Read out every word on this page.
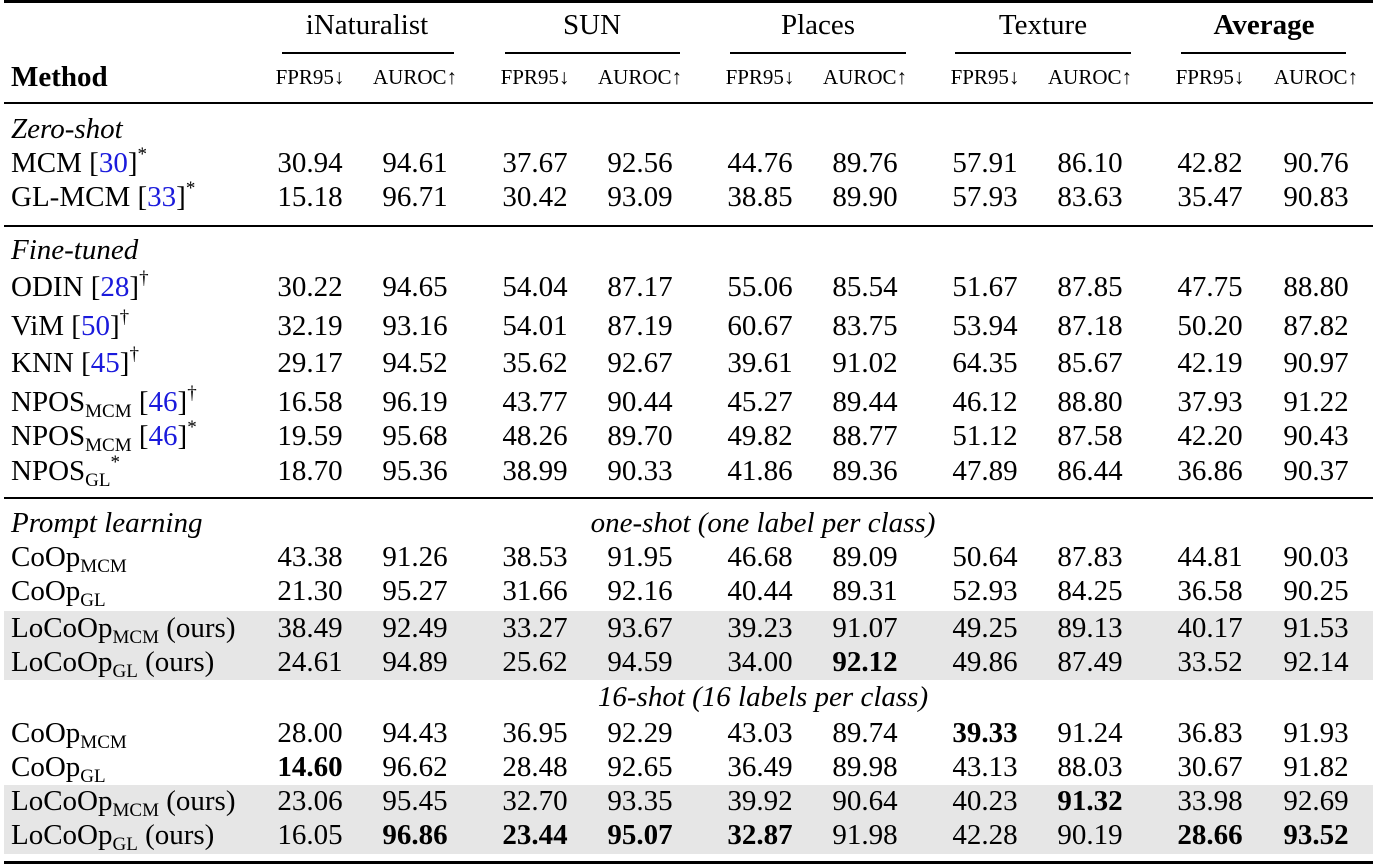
iNaturalist	SUN	Places	Texture	Average
FPR95↓ AUROC↑ FPR95↓ AUROC↑ FPR95↓ AUROC↑ FPR95↓ AUROC↑ FPR95↓ AUROC↑
Method
Zero-shot
MCM [30]*	30.94 94.61 37.67 92.56 44.76 89.76 57.91 86.10 42.82 90.76
GL-MCM [33]*	15.18 96.71 30.42 93.09 38.85 89.90 57.93 83.63 35.47 90.83
Fine-tuned
ODIN [28]†	30.22 94.65 54.04 87.17 55.06 85.54 51.67 87.85 47.75 88.80
ViM [50]†	32.19 93.16 54.01 87.19 60.67 83.75 53.94 87.18 50.20 87.82
KNN [45]†	29.17 94.52 35.62 92.67 39.61 91.02 64.35 85.67 42.19 90.97
$NPOS_{MCM}$ [46]†	16.58 96.19 43.77 90.44 45.27 89.44 46.12 88.80 37.93 91.22
$NPOS_{MCM}$ [46]*	19.59 95.68 48.26 89.70 49.82 88.77 51.12 87.58 42.20 90.43
$NPOS_{GL}^*$	18.70 95.36 38.99 90.33 41.86 89.36 47.89 86.44 36.86 90.37
Prompt learning	one-shot (one label per class)
CoOp$_{MCM}$	43.38 91.26 38.53 91.95 46.68 89.09 50.64 87.83 44.81 90.03
CoOp$_{GL}$	21.30 95.27 31.66 92.16 40.44 89.31 52.93 84.25 36.58 90.25
LoCoOp$_{MCM}$ (ours) 38.49 92.49 33.27 93.67 39.23 91.07 49.25 89.13 40.17 91.53
LoCoOp$_{GL}$ (ours) 24.61 94.89 25.62 94.59 34.00 92.12 49.86 87.49 33.52 92.14
16-shot (16 labels per class)
CoOp$_{MCM}$	28.00 94.43 36.95 92.29 43.03 89.74 39.33 91.24 36.83 91.93
CoOp$_{GL}$	14.60 96.62 28.48 92.65 36.49 89.98 43.13 88.03 30.67 91.82
LoCoOp$_{MCM}$ (ours) 23.06 95.45 32.70 93.35 39.92 90.64 40.23 91.32 33.98 92.69
LoCoOp$_{GL}$ (ours) 16.05 96.86 23.44 95.07 32.87 91.98 42.28 90.19 28.66 93.52
